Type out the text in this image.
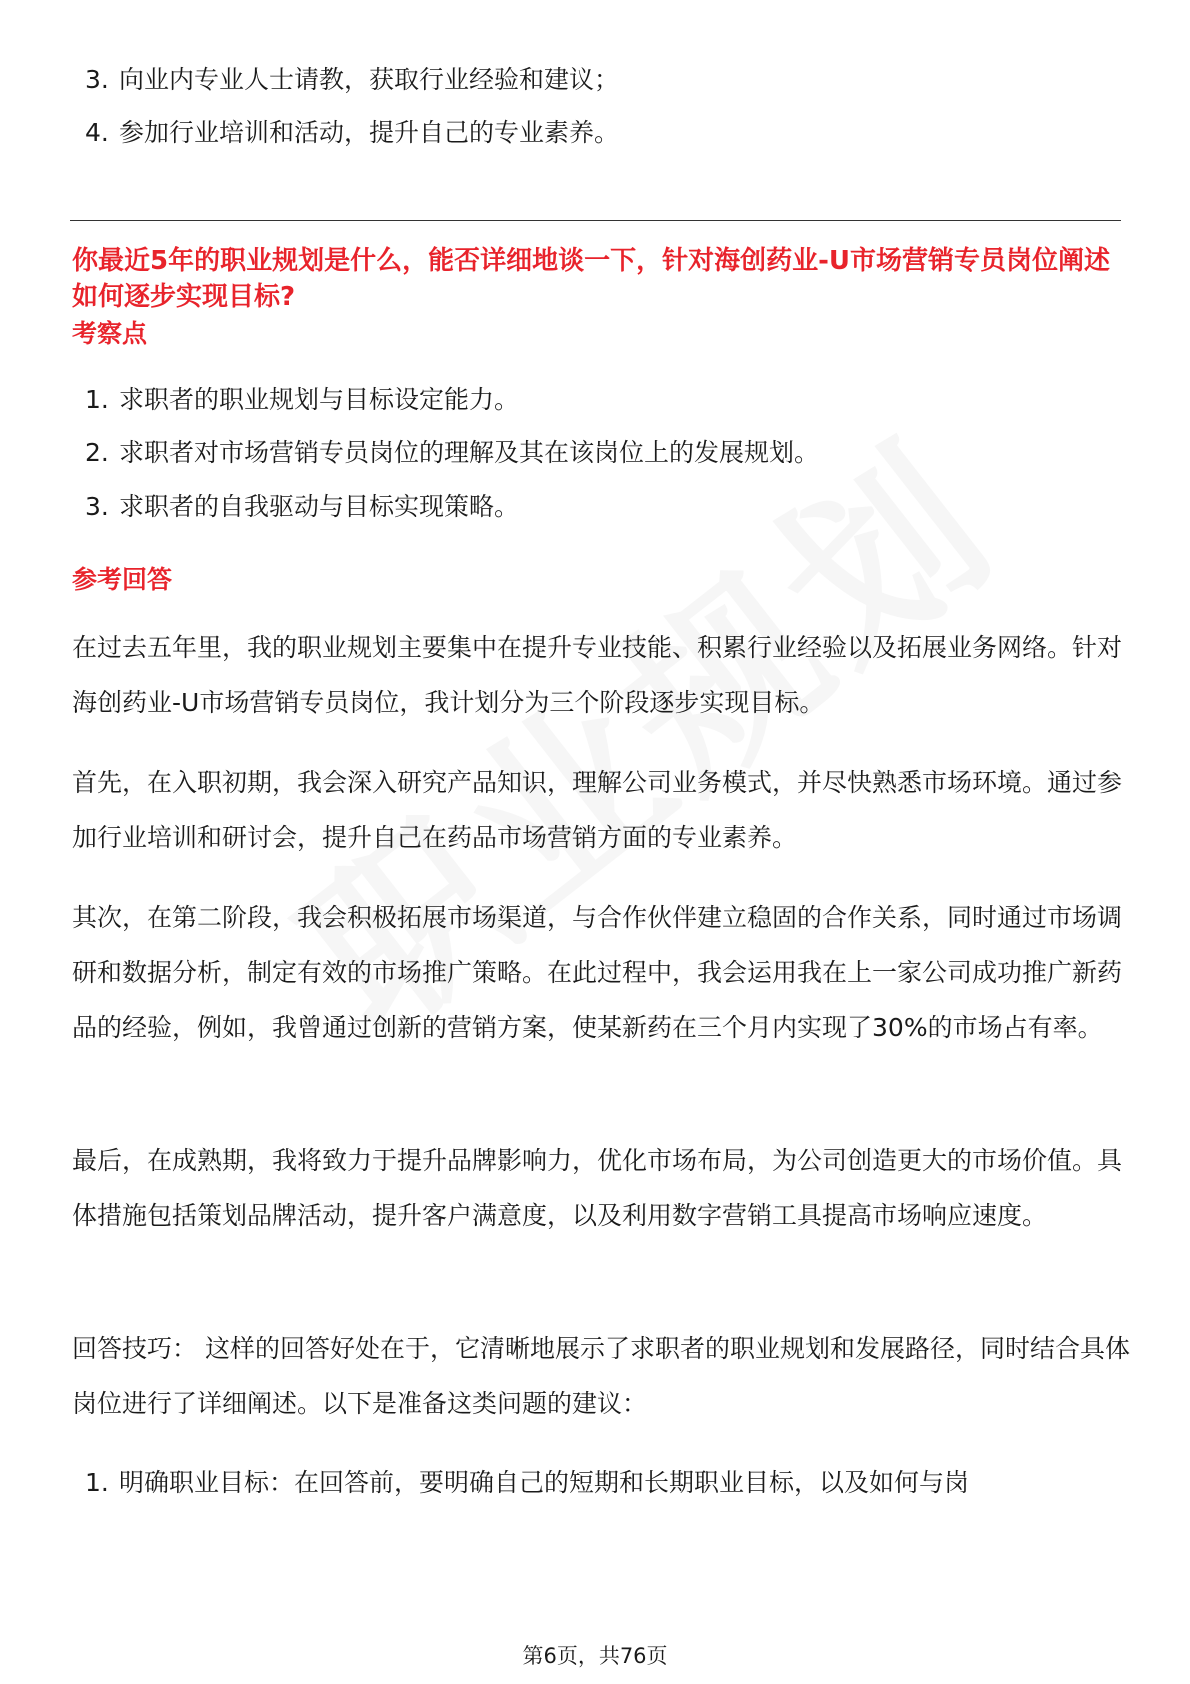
3. 向业内专业人士请教，获取行业经验和建议；
4. 参加行业培训和活动，提升自己的专业素养。
你最近5年的职业规划是什么，能否详细地谈一下，针对海创药业-U市场营销专员岗位阐述如何逐步实现目标?
考察点
1. 求职者的职业规划与目标设定能力。
2. 求职者对市场营销专员岗位的理解及其在该岗位上的发展规划。
3. 求职者的自我驱动与目标实现策略。
参考回答

在过去五年里，我的职业规划主要集中在提升专业技能、积累行业经验以及拓展业务网络。针对海创药业-U市场营销专员岗位，我计划分为三个阶段逐步实现目标。

首先，在入职初期，我会深入研究产品知识，理解公司业务模式，并尽快熟悉市场环境。通过参加行业培训和研讨会，提升自己在药品市场营销方面的专业素养。

其次，在第二阶段，我会积极拓展市场渠道，与合作伙伴建立稳固的合作关系，同时通过市场调研和数据分析，制定有效的市场推广策略。在此过程中，我会运用我在上一家公司成功推广新药品的经验，例如，我曾通过创新的营销方案，使某新药在三个月内实现了30%的市场占有率。

最后，在成熟期，我将致力于提升品牌影响力，优化市场布局，为公司创造更大的市场价值。具体措施包括策划品牌活动，提升客户满意度，以及利用数字营销工具提高市场响应速度。

回答技巧： 这样的回答好处在于，它清晰地展示了求职者的职业规划和发展路径，同时结合具体岗位进行了详细阐述。以下是准备这类问题的建议：

1. 明确职业目标：在回答前，要明确自己的短期和长期职业目标，以及如何与岗
第6页，共76页
